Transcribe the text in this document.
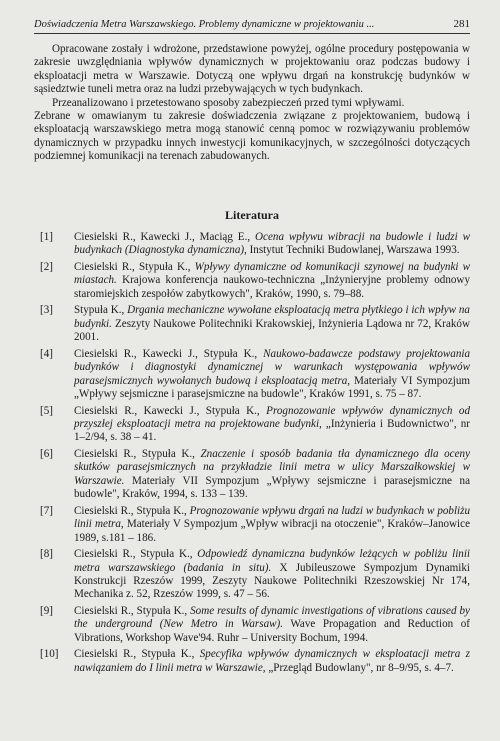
Doświadczenia Metra Warszawskiego. Problemy dynamiczne w projektowaniu ...	281

Opracowane zostały i wdrożone, przedstawione powyżej, ogólne procedury postępowania w zakresie uwzględniania wpływów dynamicznych w projektowaniu oraz podczas budowy i eksploatacji metra w Warszawie. Dotyczą one wpływu drgań na konstrukcję budynków w sąsiedztwie tuneli metra oraz na ludzi przebywających w tych budynkach.

Przeanalizowano i przetestowano sposoby zabezpieczeń przed tymi wpływami.

Zebrane w omawianym tu zakresie doświadczenia związane z projektowaniem, budową i eksploatacją warszawskiego metra mogą stanowić cenną pomoc w rozwiązywaniu problemów dynamicznych w przypadku innych inwestycji komunikacyjnych, w szczególności dotyczących podziemnej komunikacji na terenach zabudowanych.

Literatura
[1]	Ciesielski R., Kawecki J., Maciąg E., Ocena wpływu wibracji na budowle i ludzi w budynkach (Diagnostyka dynamiczna), Instytut Techniki Budowlanej, Warszawa 1993.
[2]	Ciesielski R., Stypuła K., Wpływy dynamiczne od komunikacji szynowej na budynki w miastach. Krajowa konferencja naukowo-techniczna „Inżynieryjne problemy odnowy staromiejskich zespołów zabytkowych", Kraków, 1990, s. 79–88.
[3]	Stypuła K., Drgania mechaniczne wywołane eksploatacją metra płytkiego i ich wpływ na budynki. Zeszyty Naukowe Politechniki Krakowskiej, Inżynieria Lądowa nr 72, Kraków 2001.
[4]	Ciesielski R., Kawecki J., Stypuła K., Naukowo-badawcze podstawy projektowania budynków i diagnostyki dynamicznej w warunkach występowania wpływów parasejsmicznych wywołanych budową i eksploatacją metra, Materiały VI Sympozjum „Wpływy sejsmiczne i parasejsmiczne na budowle", Kraków 1991, s. 75 – 87.
[5]	Ciesielski R., Kawecki J., Stypuła K., Prognozowanie wpływów dynamicznych od przyszłej eksploatacji metra na projektowane budynki, „Inżynieria i Budownictwo", nr 1–2/94, s. 38 – 41.
[6]	Ciesielski R., Stypuła K., Znaczenie i sposób badania tła dynamicznego dla oceny skutków parasejsmicznych na przykładzie linii metra w ulicy Marszałkowskiej w Warszawie. Materiały VII Sympozjum „Wpływy sejsmiczne i parasejsmiczne na budowle", Kraków, 1994, s. 133 – 139.
[7]	Ciesielski R., Stypuła K., Prognozowanie wpływu drgań na ludzi w budynkach w pobliżu linii metra, Materiały V Sympozjum „Wpływ wibracji na otoczenie", Kraków–Janowice 1989, s.181 – 186.
[8]	Ciesielski R., Stypuła K., Odpowiedź dynamiczna budynków leżących w pobliżu linii metra warszawskiego (badania in situ). X Jubileuszowe Sympozjum Dynamiki Konstrukcji Rzeszów 1999, Zeszyty Naukowe Politechniki Rzeszowskiej Nr 174, Mechanika z. 52, Rzeszów 1999, s. 47 – 56.
[9]	Ciesielski R., Stypuła K., Some results of dynamic investigations of vibrations caused by the underground (New Metro in Warsaw). Wave Propagation and Reduction of Vibrations, Workshop Wave'94. Ruhr – University Bochum, 1994.
[10]	Ciesielski R., Stypuła K., Specyfika wpływów dynamicznych w eksploatacji metra z nawiązaniem do I linii metra w Warszawie, „Przegląd Budowlany", nr 8–9/95, s. 4–7.
